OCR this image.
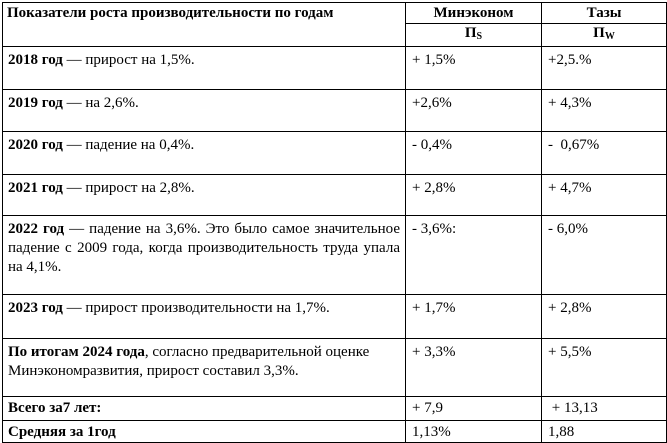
Показатели роста производительности по годам	Минэконом	Тазы
	$П_S$	$П_W$
2018 год — прирост на 1,5%.	+ 1,5%	+2,5.%
2019 год — на 2,6%.	+2,6%	+ 4,3%
2020 год — падение на 0,4%.	- 0,4%	-  0,67%
2021 год — прирост на 2,8%.	+ 2,8%	+ 4,7%
2022 год — падение на 3,6%. Это было самое значительное падение с 2009 года, когда производительность труда упала на 4,1%.	- 3,6%:	- 6,0%
2023 год — прирост производительности на 1,7%.	+ 1,7%	+ 2,8%
По итогам 2024 года, согласно предварительной оценке Минэкономразвития, прирост составил 3,3%.	+ 3,3%	+ 5,5%
Всего за7 лет:	+ 7,9	+ 13,13
Средняя за 1год	1,13%	1,88
